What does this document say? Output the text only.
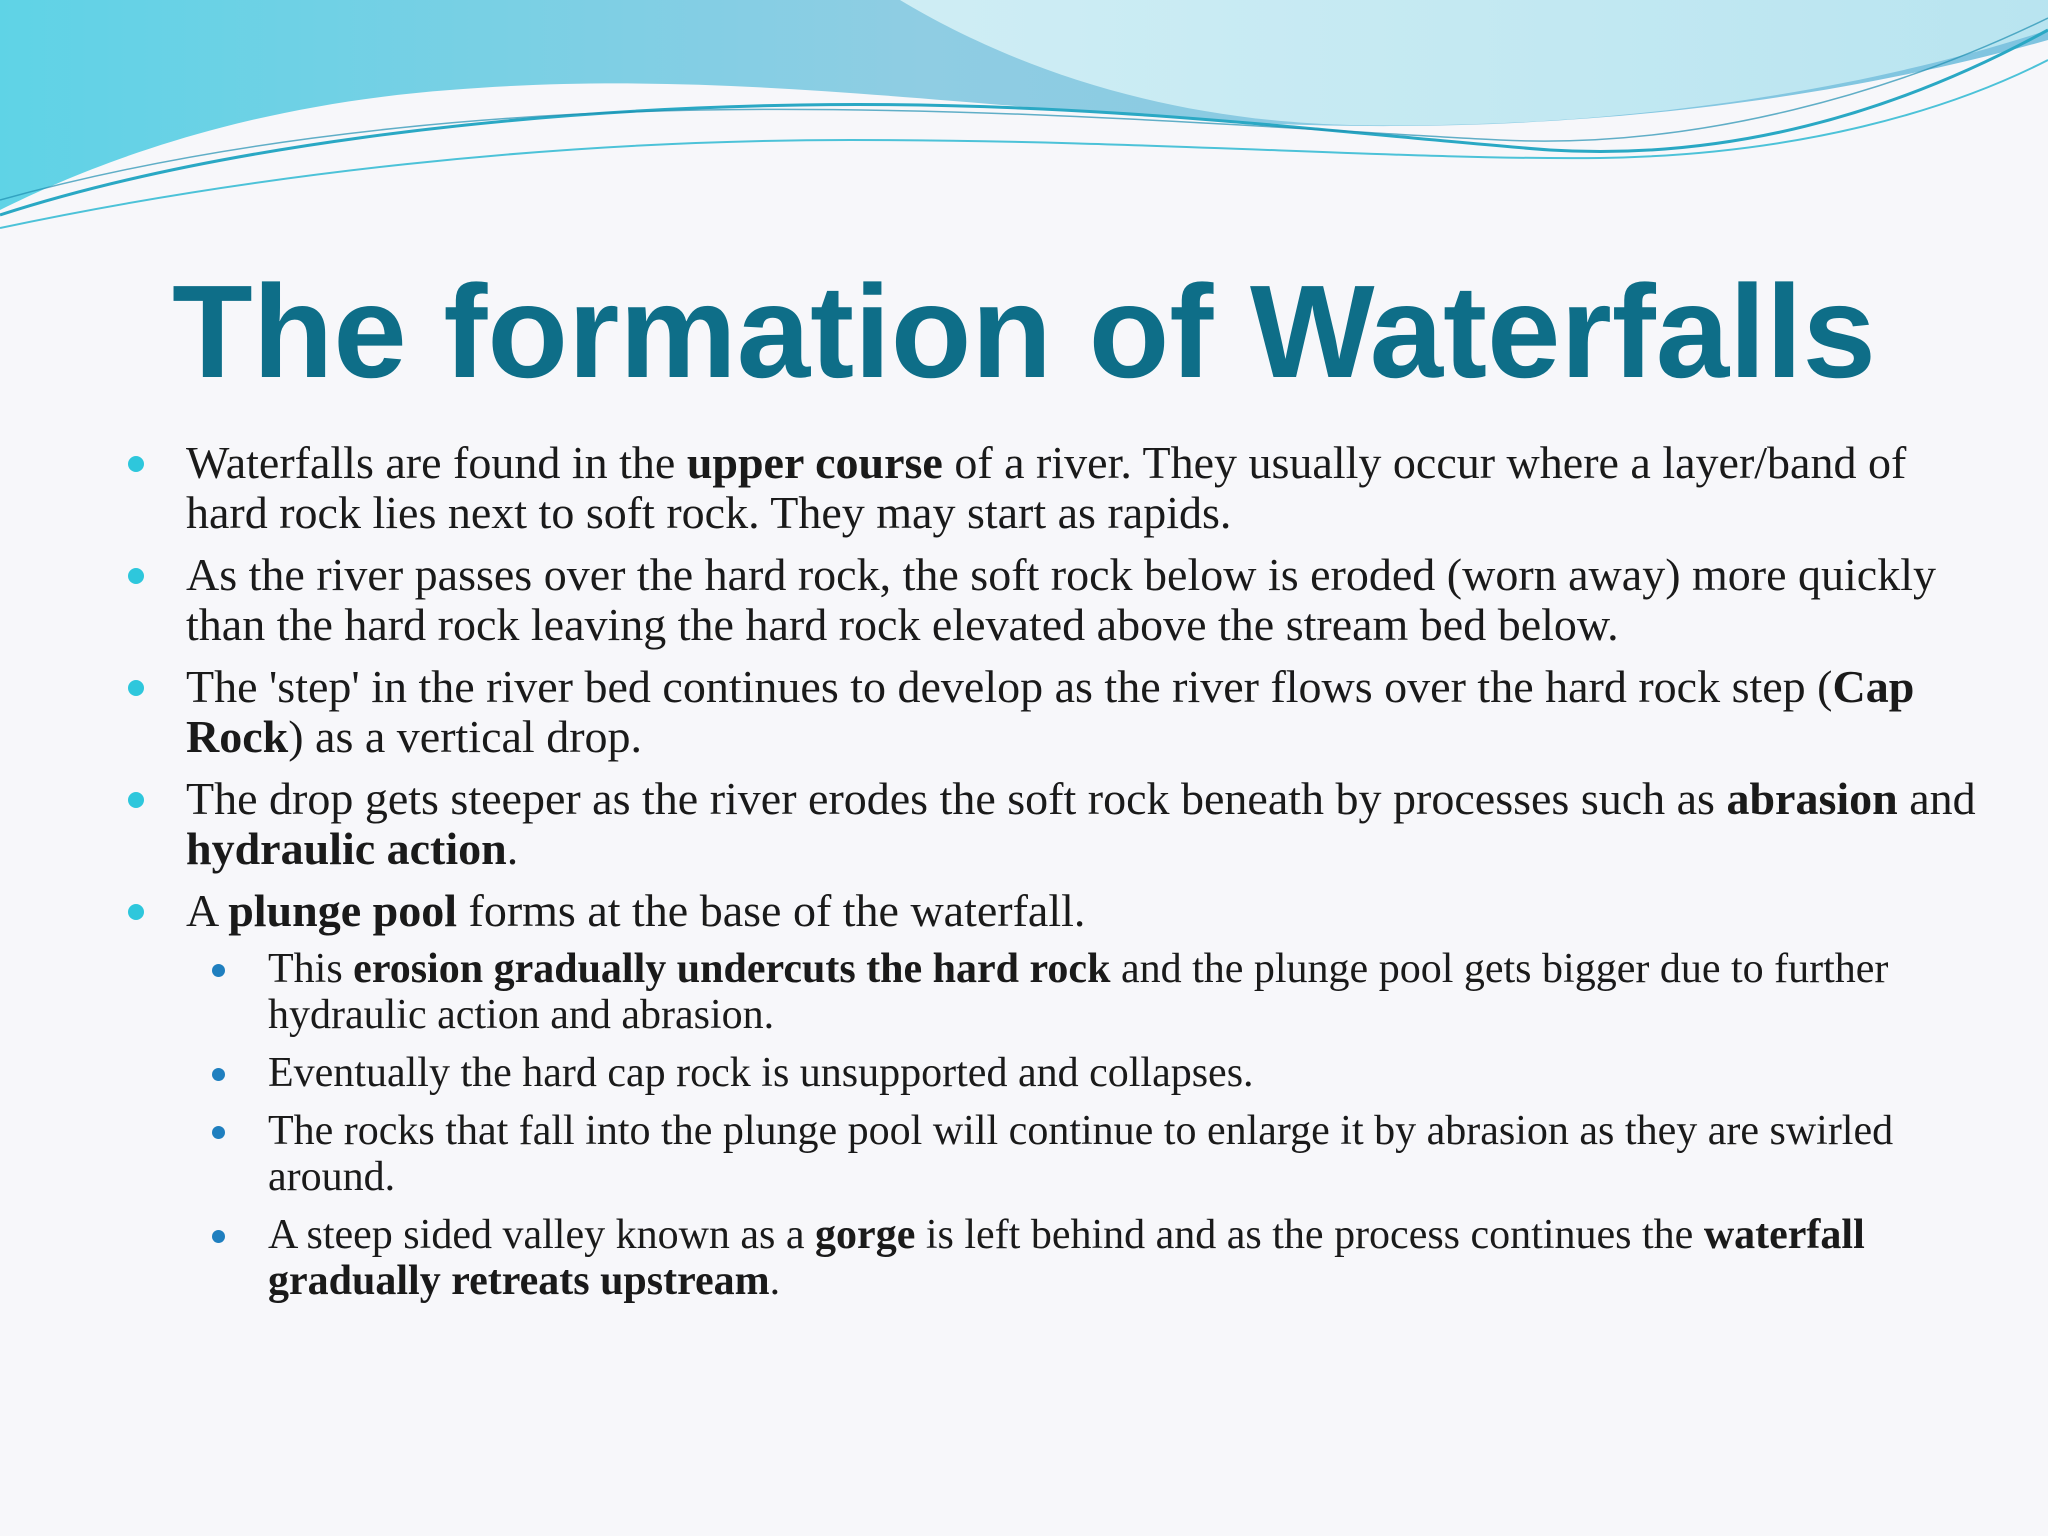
The formation of Waterfalls
Waterfalls are found in the upper course of a river. They usually occur where a layer/band of hard rock lies next to soft rock. They may start as rapids.
As the river passes over the hard rock, the soft rock below is eroded (worn away) more quickly than the hard rock leaving the hard rock elevated above the stream bed below.
The 'step' in the river bed continues to develop as the river flows over the hard rock step (Cap Rock) as a vertical drop.
The drop gets steeper as the river erodes the soft rock beneath by processes such as abrasion and hydraulic action.
A plunge pool forms at the base of the waterfall.
This erosion gradually undercuts the hard rock and the plunge pool gets bigger due to further hydraulic action and abrasion.
Eventually the hard cap rock is unsupported and collapses.
The rocks that fall into the plunge pool will continue to enlarge it by abrasion as they are swirled around.
A steep sided valley known as a gorge is left behind and as the process continues the waterfall gradually retreats upstream.
